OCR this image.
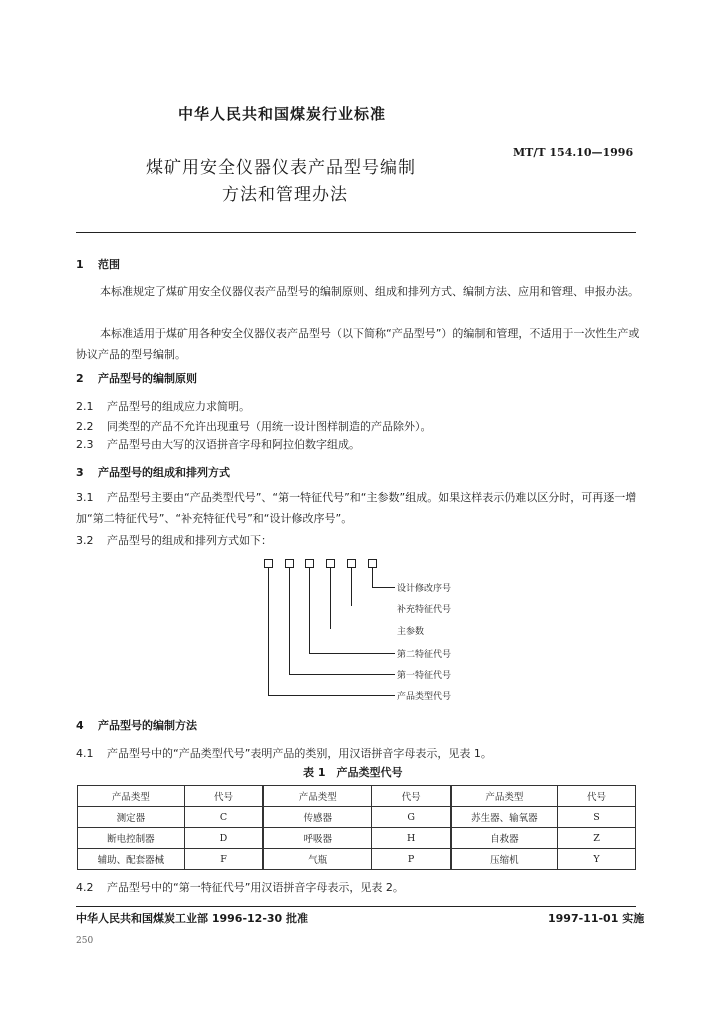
中华人民共和国煤炭行业标准
MT/T 154.10—1996
煤矿用安全仪器仪表产品型号编制
方法和管理办法
1 范围
本标准规定了煤矿用安全仪器仪表产品型号的编制原则、组成和排列方式、编制方法、应用和管理、申报办法。
本标准适用于煤矿用各种安全仪器仪表产品型号（以下简称“产品型号”）的编制和管理，不适用于一次性生产或协议产品的型号编制。
2 产品型号的编制原则
2.1 产品型号的组成应力求简明。
2.2 同类型的产品不允许出现重号（用统一设计图样制造的产品除外）。
2.3 产品型号由大写的汉语拼音字母和阿拉伯数字组成。
3 产品型号的组成和排列方式
3.1 产品型号主要由“产品类型代号”、“第一特征代号”和“主参数”组成。如果这样表示仍难以区分时，可再逐一增加“第二特征代号”、“补充特征代号”和“设计修改序号”。
3.2 产品型号的组成和排列方式如下：
设计修改序号
补充特征代号
主参数
第二特征代号
第一特征代号
产品类型代号
4 产品型号的编制方法
4.1 产品型号中的“产品类型代号”表明产品的类别，用汉语拼音字母表示，见表 1。
表 1　产品类型代号
产品类型	代号	产品类型	代号	产品类型	代号
测定器	C	传感器	G	苏生器、输氧器	S
断电控制器	D	呼吸器	H	自救器	Z
辅助、配套器械	F	气瓶	P	压缩机	Y
4.2 产品型号中的“第一特征代号”用汉语拼音字母表示，见表 2。
中华人民共和国煤炭工业部 1996-12-30 批准	1997-11-01 实施
250
